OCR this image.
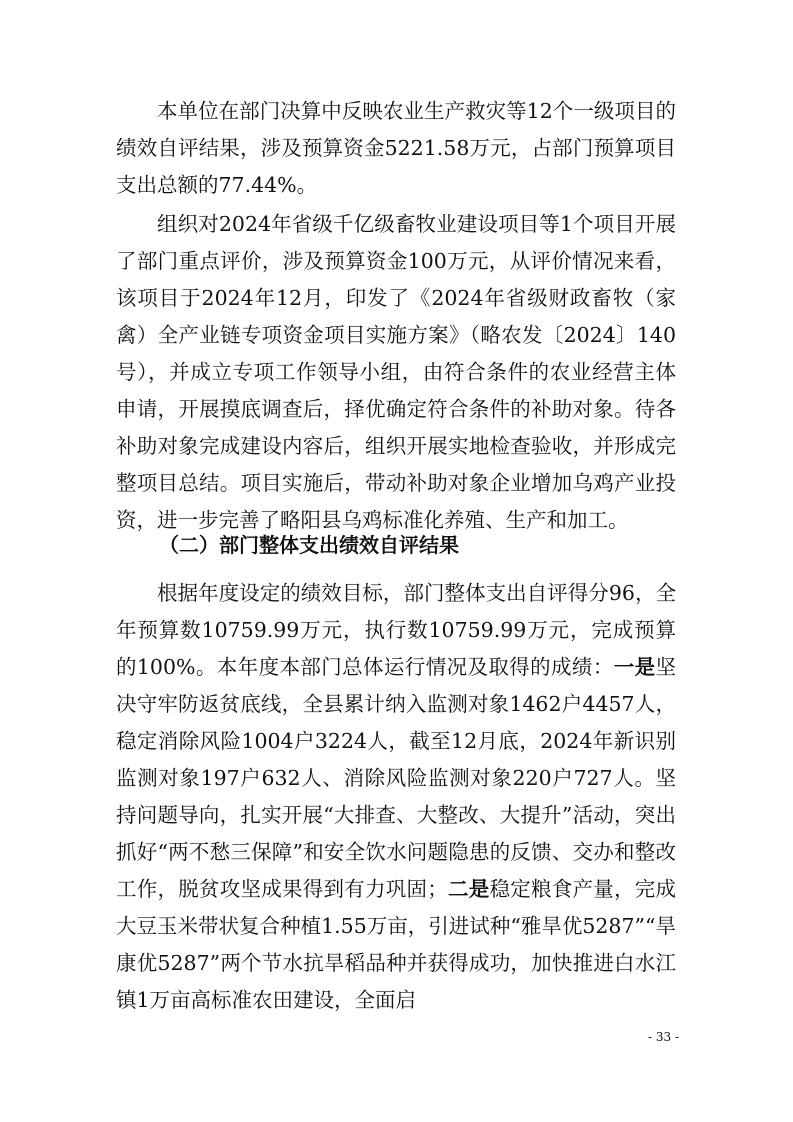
本单位在部门决算中反映农业生产救灾等12个一级项目的绩效自评结果，涉及预算资金5221.58万元，占部门预算项目支出总额的77.44%。

组织对2024年省级千亿级畜牧业建设项目等1个项目开展了部门重点评价，涉及预算资金100万元，从评价情况来看，该项目于2024年12月，印发了《2024年省级财政畜牧（家禽）全产业链专项资金项目实施方案》（略农发〔2024〕140号），并成立专项工作领导小组，由符合条件的农业经营主体申请，开展摸底调查后，择优确定符合条件的补助对象。待各补助对象完成建设内容后，组织开展实地检查验收，并形成完整项目总结。项目实施后，带动补助对象企业增加乌鸡产业投资，进一步完善了略阳县乌鸡标准化养殖、生产和加工。

（二）部门整体支出绩效自评结果

根据年度设定的绩效目标，部门整体支出自评得分96，全年预算数10759.99万元，执行数10759.99万元，完成预算的100%。本年度本部门总体运行情况及取得的成绩：一是坚决守牢防返贫底线，全县累计纳入监测对象1462户4457人，稳定消除风险1004户3224人，截至12月底，2024年新识别监测对象197户632人、消除风险监测对象220户727人。坚持问题导向，扎实开展“大排查、大整改、大提升”活动，突出抓好“两不愁三保障”和安全饮水问题隐患的反馈、交办和整改工作，脱贫攻坚成果得到有力巩固；二是稳定粮食产量，完成大豆玉米带状复合种植1.55万亩，引进试种“雅旱优5287”“旱康优5287”两个节水抗旱稻品种并获得成功，加快推进白水江镇1万亩高标准农田建设，全面启

- 33 -
